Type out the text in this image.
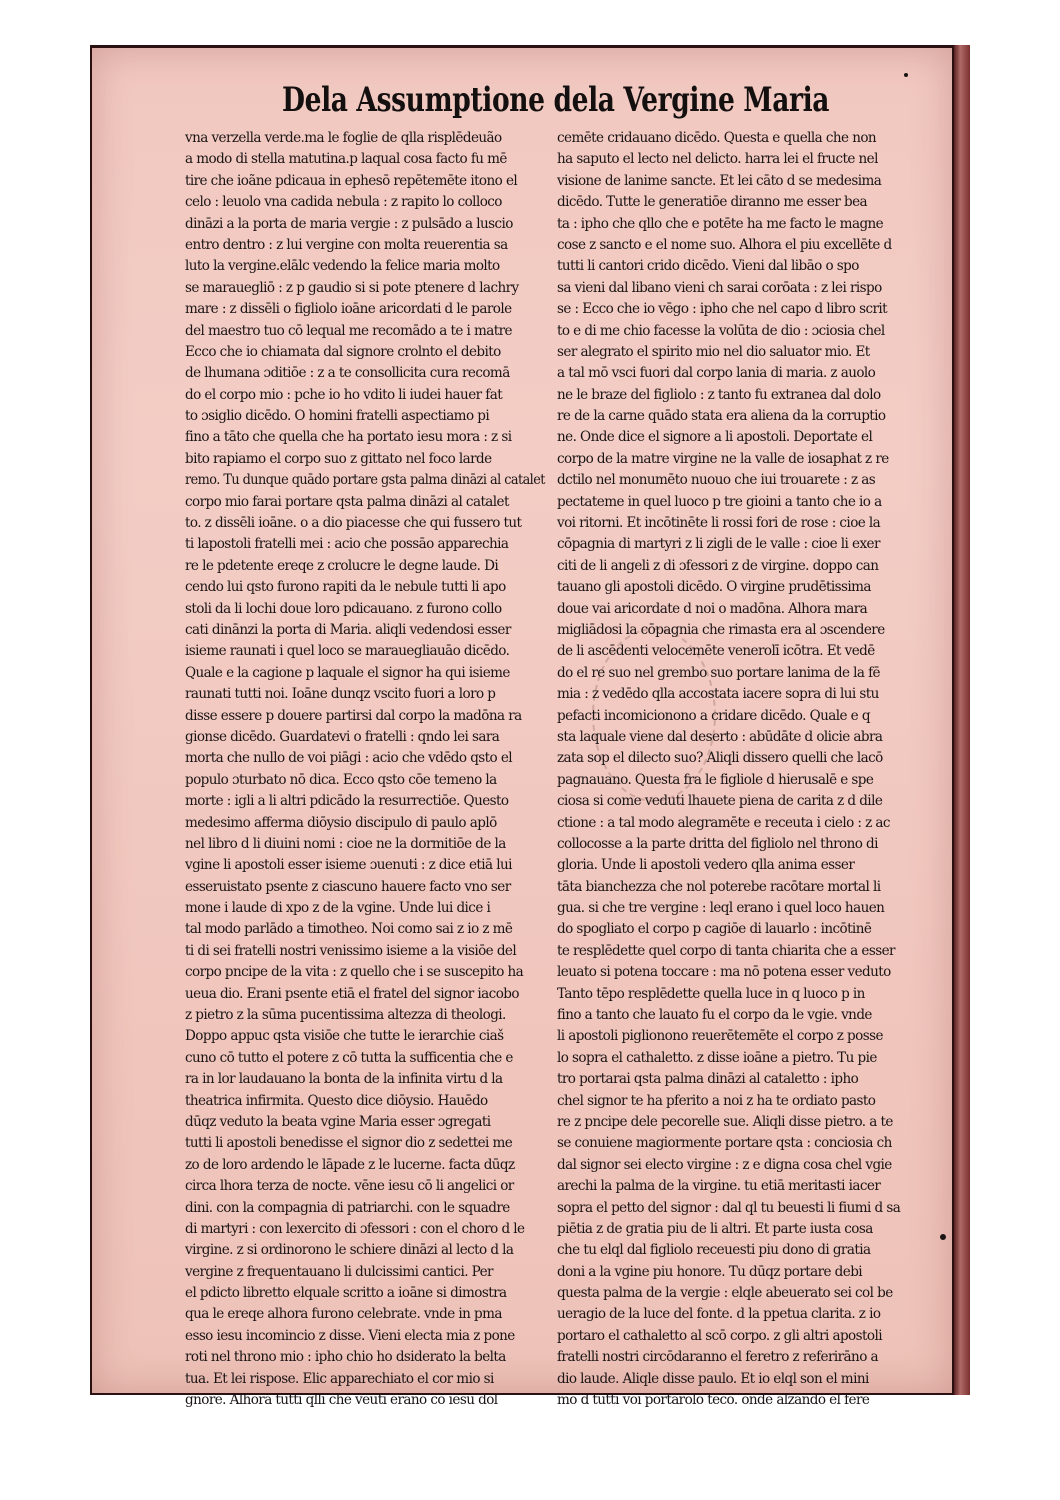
Dela Assumptione dela Vergine Maria
vna verzella verde.ma le foglie de qlla risplēdeuão
a modo di stella matutina.p laqual cosa facto fu mē
tire che ioãne pdicaua in ephesō repētemēte itono el
celo : leuolo vna cadida nebula : z rapito lo colloco
dināzi a la porta de maria vergie : z pulsādo a luscio
entro dentro : z lui vergine con molta reuerentia sa
luto la vergine.elālc vedendo la felice maria molto
se marauegliō : z p gaudio si si pote ptenere d lachry
mare : z dissēli o figliolo ioāne aricordati d le parole
del maestro tuo cō lequal me recomādo a te i matre
Ecco che io chiamata dal signore crolnto el debito
de lhumana ɔditiōe : z a te consollicita cura recomā
do el corpo mio : pche io ho vdito li iudei hauer fat
to ɔsiglio dicēdo. O homini fratelli aspectiamo pi
fino a tāto che quella che ha portato iesu mora : z si
bito rapiamo el corpo suo z gittato nel foco larde
remo. Tu dunque quādo portare gsta palma dināzi al catalet
corpo mio farai portare qsta palma dināzi al catalet
to. z dissēli ioāne. o a dio piacesse che qui fussero tut
ti lapostoli fratelli mei : acio che possāo apparechia
re le pdetente ereqe z crolucre le degne laude. Di
cendo lui qsto furono rapiti da le nebule tutti li apo
stoli da li lochi doue loro pdicauano. z furono collo
cati dinānzi la porta di Maria. aliqli vedendosi esser
isieme raunati i quel loco se marauegliauāo dicēdo.
Quale e la cagione p laquale el signor ha qui isieme
raunati tutti noi. Ioāne dunqz vscito fuori a loro p
disse essere p douere partirsi dal corpo la madōna ra
gionse dicēdo. Guardatevi o fratelli : qndo lei sara
morta che nullo de voi piāgi : acio che vdēdo qsto el
populo ɔturbato nō dica. Ecco qsto cōe temeno la
morte : igli a li altri pdicādo la resurrectiōe. Questo
medesimo afferma diōysio discipulo di paulo aplō
nel libro d li diuini nomi : cioe ne la dormitiōe de la
vgine li apostoli esser isieme ɔuenuti : z dice etiā lui
esseruistato psente z ciascuno hauere facto vno ser
mone i laude di xpo z de la vgine. Unde lui dice i
tal modo parlādo a timotheo. Noi como sai z io z mē
ti di sei fratelli nostri venissimo isieme a la visiōe del
corpo pncipe de la vita : z quello che i se suscepito ha
ueua dio. Erani psente etiā el fratel del signor iacobo
z pietro z la sūma pucentissima altezza di theologi.
Doppo appuc qsta visiōe che tutte le ierarchie ciaš
cuno cō tutto el potere z cō tutta la sufficentia che e
ra in lor laudauano la bonta de la infinita virtu d la
theatrica infirmita. Questo dice diōysio. Hauēdo
dūqz veduto la beata vgine Maria esser ɔgregati
tutti li apostoli benedisse el signor dio z sedettei me
zo de loro ardendo le lāpade z le lucerne. facta dūqz
circa lhora terza de nocte. vēne iesu cō li angelici or
dini. con la compagnia di patriarchi. con le squadre
di martyri : con lexercito di ɔfessori : con el choro d le
virgine. z si ordinorono le schiere dināzi al lecto d la
vergine z frequentauano li dulcissimi cantici. Per
el pdicto libretto elquale scritto a ioāne si dimostra
qua le ereqe alhora furono celebrate. vnde in pma
esso iesu incomincio z disse. Vieni electa mia z pone
roti nel throno mio : ipho chio ho dsiderato la belta
tua. Et lei rispose. Elic apparechiato el cor mio si
gnore. Alhora tutti qlli che vēuti erano cō iesu dol
cemēte cridauano dicēdo. Questa e quella che non
ha saputo el lecto nel delicto. harra lei el fructe nel
visione de lanime sancte. Et lei cāto d se medesima
dicēdo. Tutte le generatiōe diranno me esser bea
ta : ipho che qllo che e potēte ha me facto le magne
cose z sancto e el nome suo. Alhora el piu excellēte d
tutti li cantori crido dicēdo. Vieni dal libāo o spo
sa vieni dal libano vieni ch sarai corōata : z lei rispo
se : Ecco che io vēgo : ipho che nel capo d libro scrit
to e di me chio facesse la volūta de dio : ɔciosia chel
ser alegrato el spirito mio nel dio saluator mio. Et
a tal mō vsci fuori dal corpo lania di maria. z auolo
ne le braze del figliolo : z tanto fu extranea dal dolo
re de la carne quādo stata era aliena da la corruptio
ne. Onde dice el signore a li apostoli. Deportate el
corpo de la matre virgine ne la valle de iosaphat z re
dctilo nel monumēto nuouo che iui trouarete : z as
pectateme in quel luoco p tre gioini a tanto che io a
voi ritorni. Et incōtinēte li rossi fori de rose : cioe la
cōpagnia di martyri z li zigli de le valle : cioe li exer
citi de li angeli z di ɔfessori z de virgine. doppo can
tauano gli apostoli dicēdo. O virgine prudētissima
doue vai aricordate d noi o madōna. Alhora mara
migliādosi la cōpagnia che rimasta era al ɔscendere
de li ascēdenti velocemēte venerolī icōtra. Et vedē
do el re suo nel grembo suo portare lanima de la fē
mia : z vedēdo qlla accostata iacere sopra di lui stu
pefacti incomicionono a cridare dicēdo. Quale e q
sta laquale viene dal deserto : abūdāte d olicie abra
zata sop el dilecto suo? Aliqli dissero quelli che lacō
pagnauano. Questa fra le figliole d hierusalē e spe
ciosa si come veduti lhauete piena de carita z d dile
ctione : a tal modo alegramēte e receuta i cielo : z ac
collocosse a la parte dritta del figliolo nel throno di
gloria. Unde li apostoli vedero qlla anima esser
tāta bianchezza che nol poterebe racōtare mortal li
gua. si che tre vergine : leql erano i quel loco hauen
do spogliato el corpo p cagiōe di lauarlo : incōtinē
te resplēdette quel corpo di tanta chiarita che a esser
leuato si potena toccare : ma nō potena esser veduto
Tanto tēpo resplēdette quella luce in q luoco p in
fino a tanto che lauato fu el corpo da le vgie. vnde
li apostoli piglionono reuerētemēte el corpo z posse
lo sopra el cathaletto. z disse ioāne a pietro. Tu pie
tro portarai qsta palma dināzi al cataletto : ipho
chel signor te ha pferito a noi z ha te ordiato pasto
re z pncipe dele pecorelle sue. Aliqli disse pietro. a te
se conuiene magiormente portare qsta : conciosia ch
dal signor sei electo virgine : z e digna cosa chel vgie
arechi la palma de la virgine. tu etiā meritasti iacer
sopra el petto del signor : dal ql tu beuesti li fiumi d sa
piētia z de gratia piu de li altri. Et parte iusta cosa
che tu elql dal figliolo receuesti piu dono di gratia
doni a la vgine piu honore. Tu dūqz portare debi
questa palma de la vergie : elqle abeuerato sei col be
ueragio de la luce del fonte. d la ppetua clarita. z io
portaro el cathaletto al scō corpo. z gli altri apostoli
fratelli nostri circōdaranno el feretro z referirāno a
dio laude. Aliqle disse paulo. Et io elql son el mini
mo d tutti voi portarolo teco. onde alzando el fere
